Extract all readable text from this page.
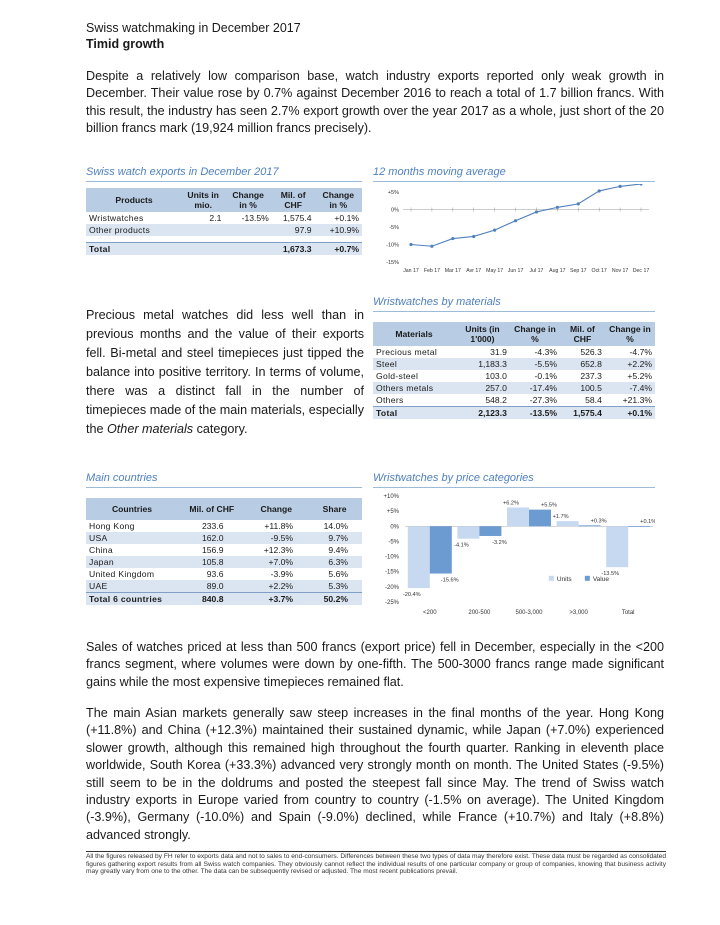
Swiss watchmaking in December 2017
Timid growth
Despite a relatively low comparison base, watch industry exports reported only weak growth in December. Their value rose by 0.7% against December 2016 to reach a total of 1.7 billion francs. With this result, the industry has seen 2.7% export growth over the year 2017 as a whole, just short of the 20 billion francs mark (19,924 million francs precisely).
Swiss watch exports in December 2017
Products	Units in mio.	Change in %	Mil. of CHF	Change in %
Wristwatches	2.1	-13.5%	1,575.4	+0.1%
Other products			97.9	+10.9%

Total			1,673.3	+0.7%
12 months moving average
+5%
0%
-5%
-10%
-15%
Jan 17 Feb 17 Mar 17 Avr 17 May 17 Jun 17 Jul 17 Aug 17 Sep 17 Oct 17 Nov 17 Dec 17
Precious metal watches did less well than in previous months and the value of their exports fell. Bi-metal and steel timepieces just tipped the balance into positive territory. In terms of volume, there was a distinct fall in the number of timepieces made of the main materials, especially the Other materials category.
Wristwatches by materials
Materials	Units (in 1'000)	Change in %	Mil. of CHF	Change in %
Precious metal	31.9	-4.3%	526.3	-4.7%
Steel	1,183.3	-5.5%	652.8	+2.2%
Gold-steel	103.0	-0.1%	237.3	+5.2%
Others metals	257.0	-17.4%	100.5	-7.4%
Others	548.2	-27.3%	58.4	+21.3%
Total	2,123.3	-13.5%	1,575.4	+0.1%
Main countries
Countries	Mil. of CHF	Change	Share
Hong Kong	233.6	+11.8%	14.0%
USA	162.0	-9.5%	9.7%
China	156.9	+12.3%	9.4%
Japan	105.8	+7.0%	6.3%
United Kingdom	93.6	-3.9%	5.6%
UAE	89.0	+2.2%	5.3%
Total 6 countries	840.8	+3.7%	50.2%
Wristwatches by price categories
+10%
+5%
0%
-5%
-10%
-15%
-20%
-25%
-20.4%
-15.6%
<200
-4.1%	-3.2%
200-500
+6.2%	+5.5%
500-3,000
+1.7%
+0.3%
>3,000
-13.5%
+0.1%
Total
Units	Value
Sales of watches priced at less than 500 francs (export price) fell in December, especially in the <200 francs segment, where volumes were down by one-fifth. The 500-3000 francs range made significant gains while the most expensive timepieces remained flat.
The main Asian markets generally saw steep increases in the final months of the year. Hong Kong (+11.8%) and China (+12.3%) maintained their sustained dynamic, while Japan (+7.0%) experienced slower growth, although this remained high throughout the fourth quarter. Ranking in eleventh place worldwide, South Korea (+33.3%) advanced very strongly month on month. The United States (-9.5%) still seem to be in the doldrums and posted the steepest fall since May. The trend of Swiss watch industry exports in Europe varied from country to country (-1.5% on average). The United Kingdom (-3.9%), Germany (-10.0%) and Spain (-9.0%) declined, while France (+10.7%) and Italy (+8.8%) advanced strongly.
All the figures released by FH refer to exports data and not to sales to end-consumers. Differences between these two types of data may therefore exist. These data must be regarded as consolidated figures gathering export results from all Swiss watch companies. They obviously cannot reflect the individual results of one particular company or group of companies, knowing that business activity may greatly vary from one to the other. The data can be subsequently revised or adjusted. The most recent publications prevail.
